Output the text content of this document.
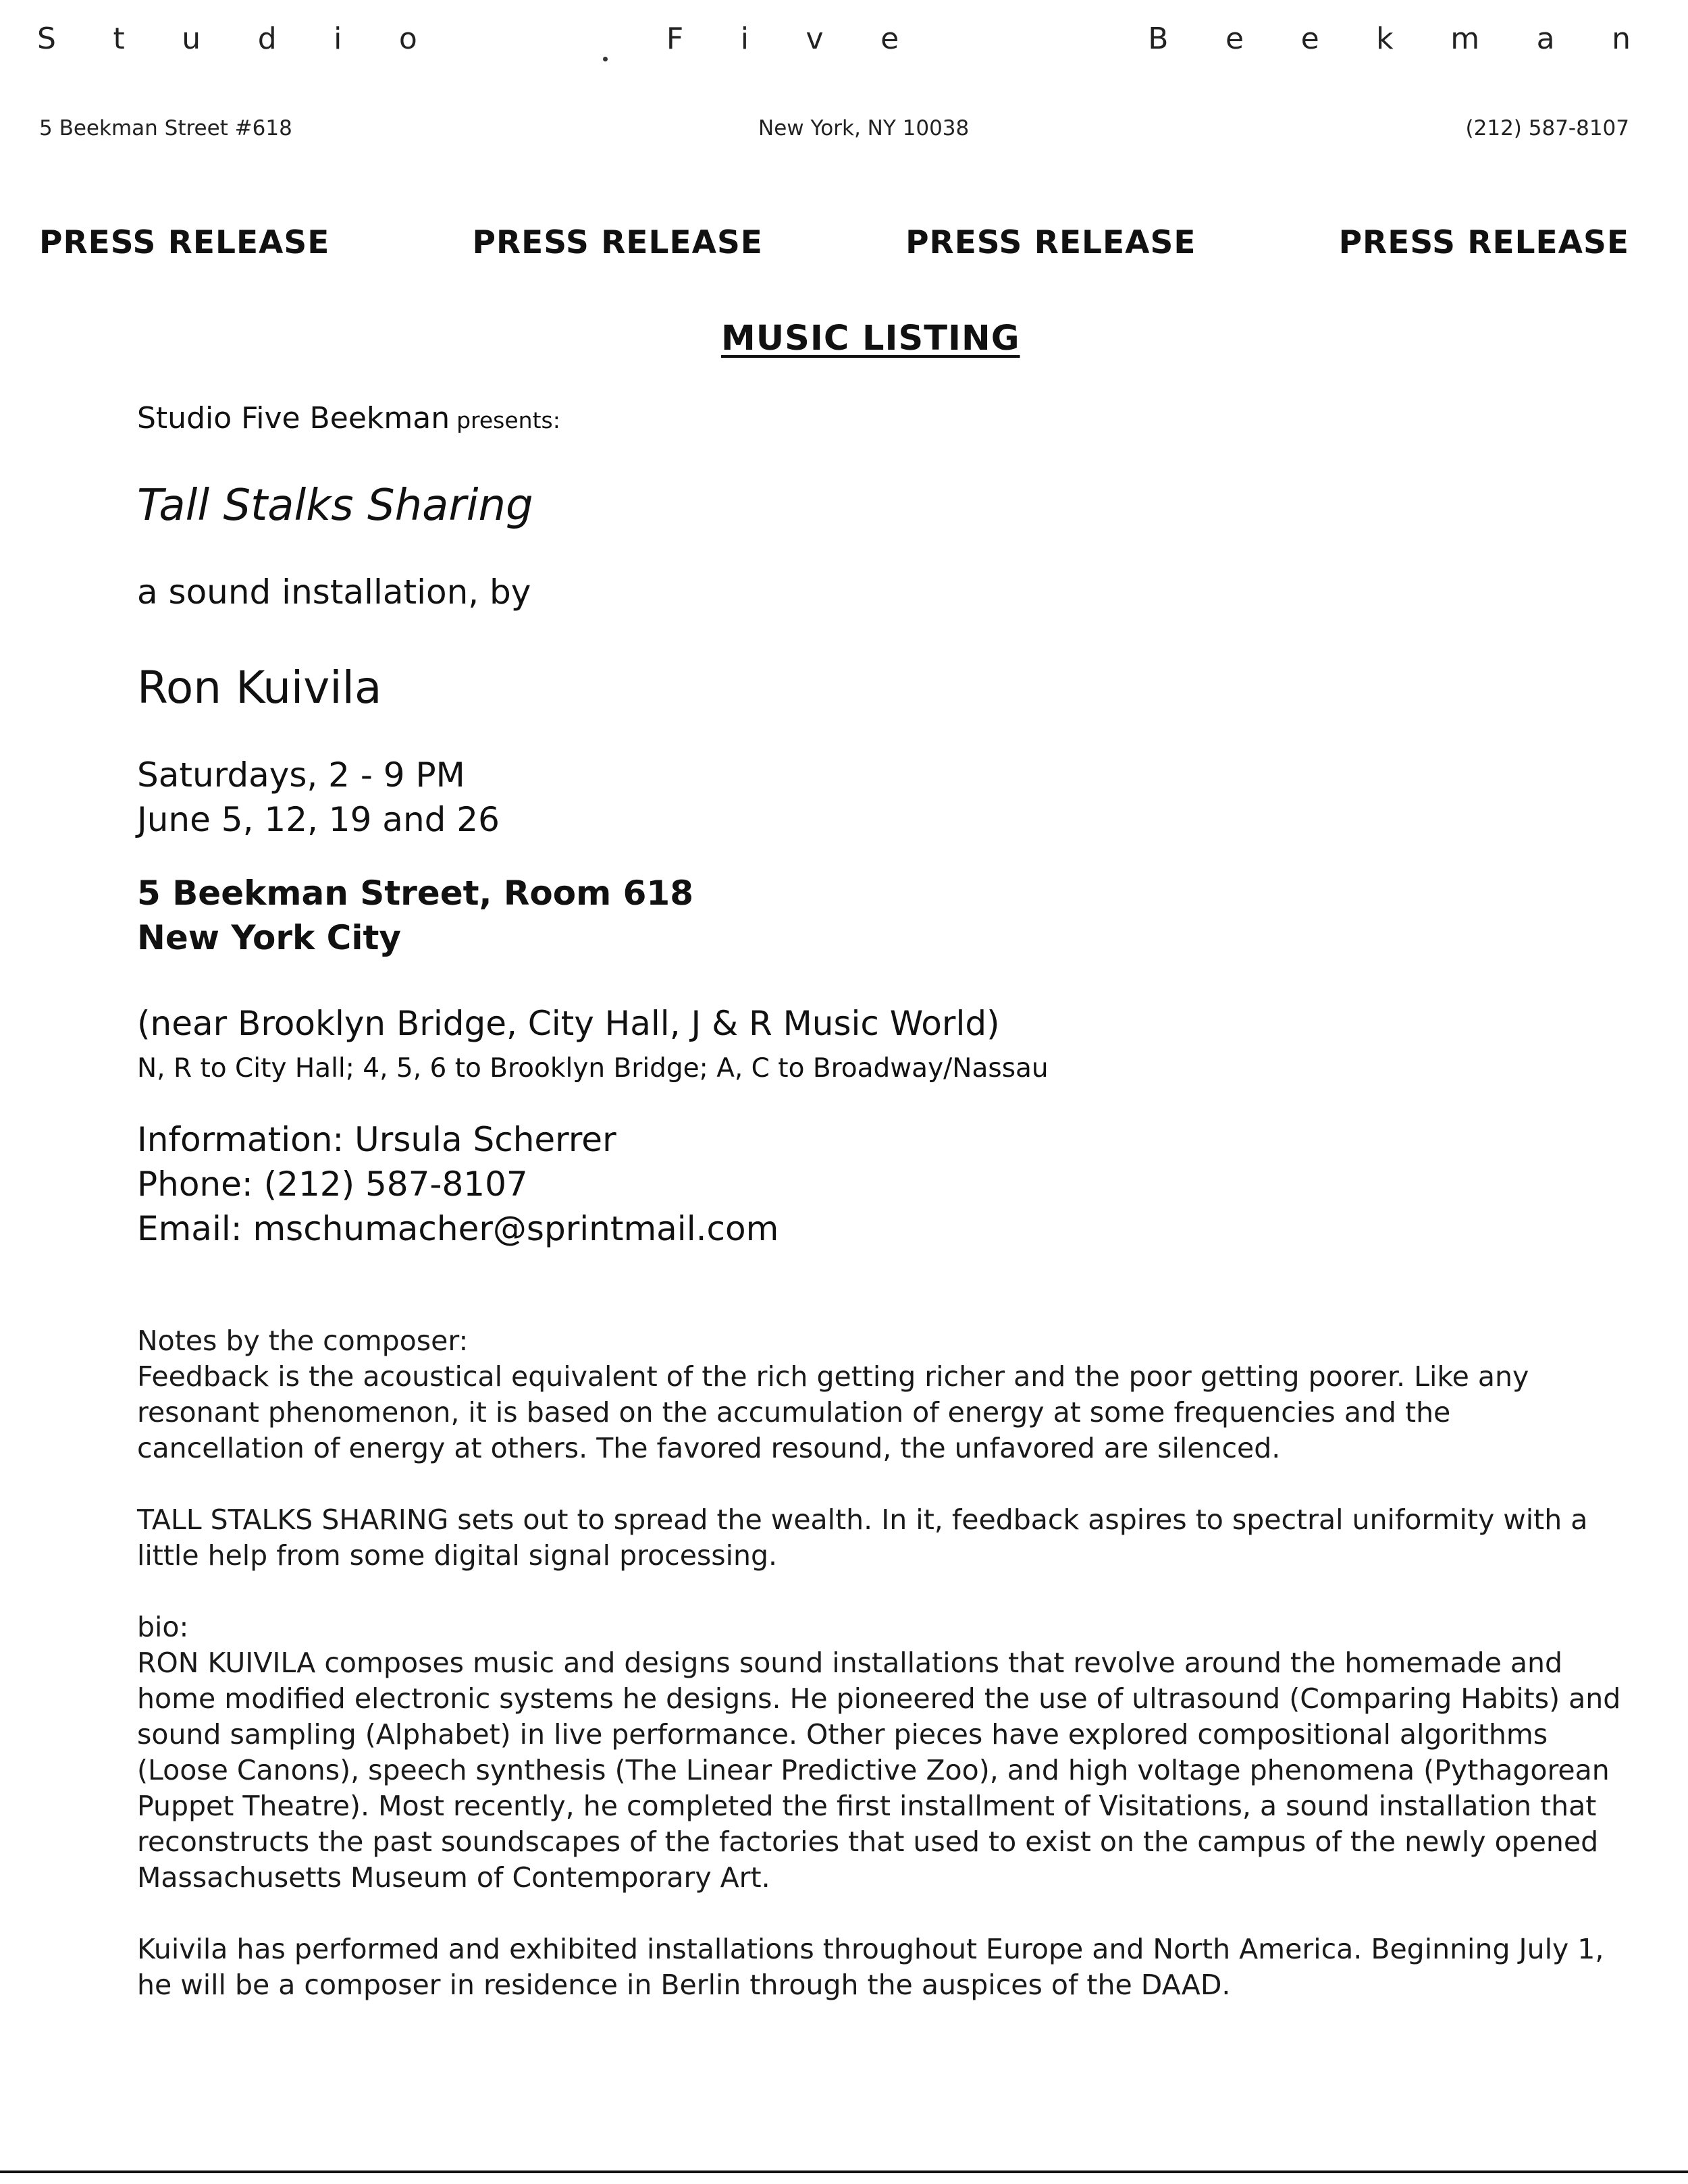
S t u d i o	F i v e	B e e k m a n
5 Beekman Street #618	New York, NY 10038	(212) 587-8107
PRESS RELEASE	PRESS RELEASE	PRESS RELEASE	PRESS RELEASE
MUSIC LISTING
Studio Five Beekman presents:
Tall Stalks Sharing
a sound installation, by
Ron Kuivila
Saturdays, 2 - 9 PM
June 5, 12, 19 and 26
5 Beekman Street, Room 618
New York City
(near Brooklyn Bridge, City Hall, J & R Music World)
N, R to City Hall; 4, 5, 6 to Brooklyn Bridge; A, C to Broadway/Nassau
Information: Ursula Scherrer
Phone: (212) 587-8107
Email: mschumacher@sprintmail.com

Notes by the composer:
Feedback is the acoustical equivalent of the rich getting richer and the poor getting poorer. Like any resonant phenomenon, it is based on the accumulation of energy at some frequencies and the cancellation of energy at others. The favored resound, the unfavored are silenced.

TALL STALKS SHARING sets out to spread the wealth. In it, feedback aspires to spectral uniformity with a little help from some digital signal processing.

bio:
RON KUIVILA composes music and designs sound installations that revolve around the homemade and home modified electronic systems he designs. He pioneered the use of ultrasound (Comparing Habits) and sound sampling (Alphabet) in live performance. Other pieces have explored compositional algorithms (Loose Canons), speech synthesis (The Linear Predictive Zoo), and high voltage phenomena (Pythagorean Puppet Theatre). Most recently, he completed the first installment of Visitations, a sound installation that reconstructs the past soundscapes of the factories that used to exist on the campus of the newly opened Massachusetts Museum of Contemporary Art.

Kuivila has performed and exhibited installations throughout Europe and North America. Beginning July 1, he will be a composer in residence in Berlin through the auspices of the DAAD.
